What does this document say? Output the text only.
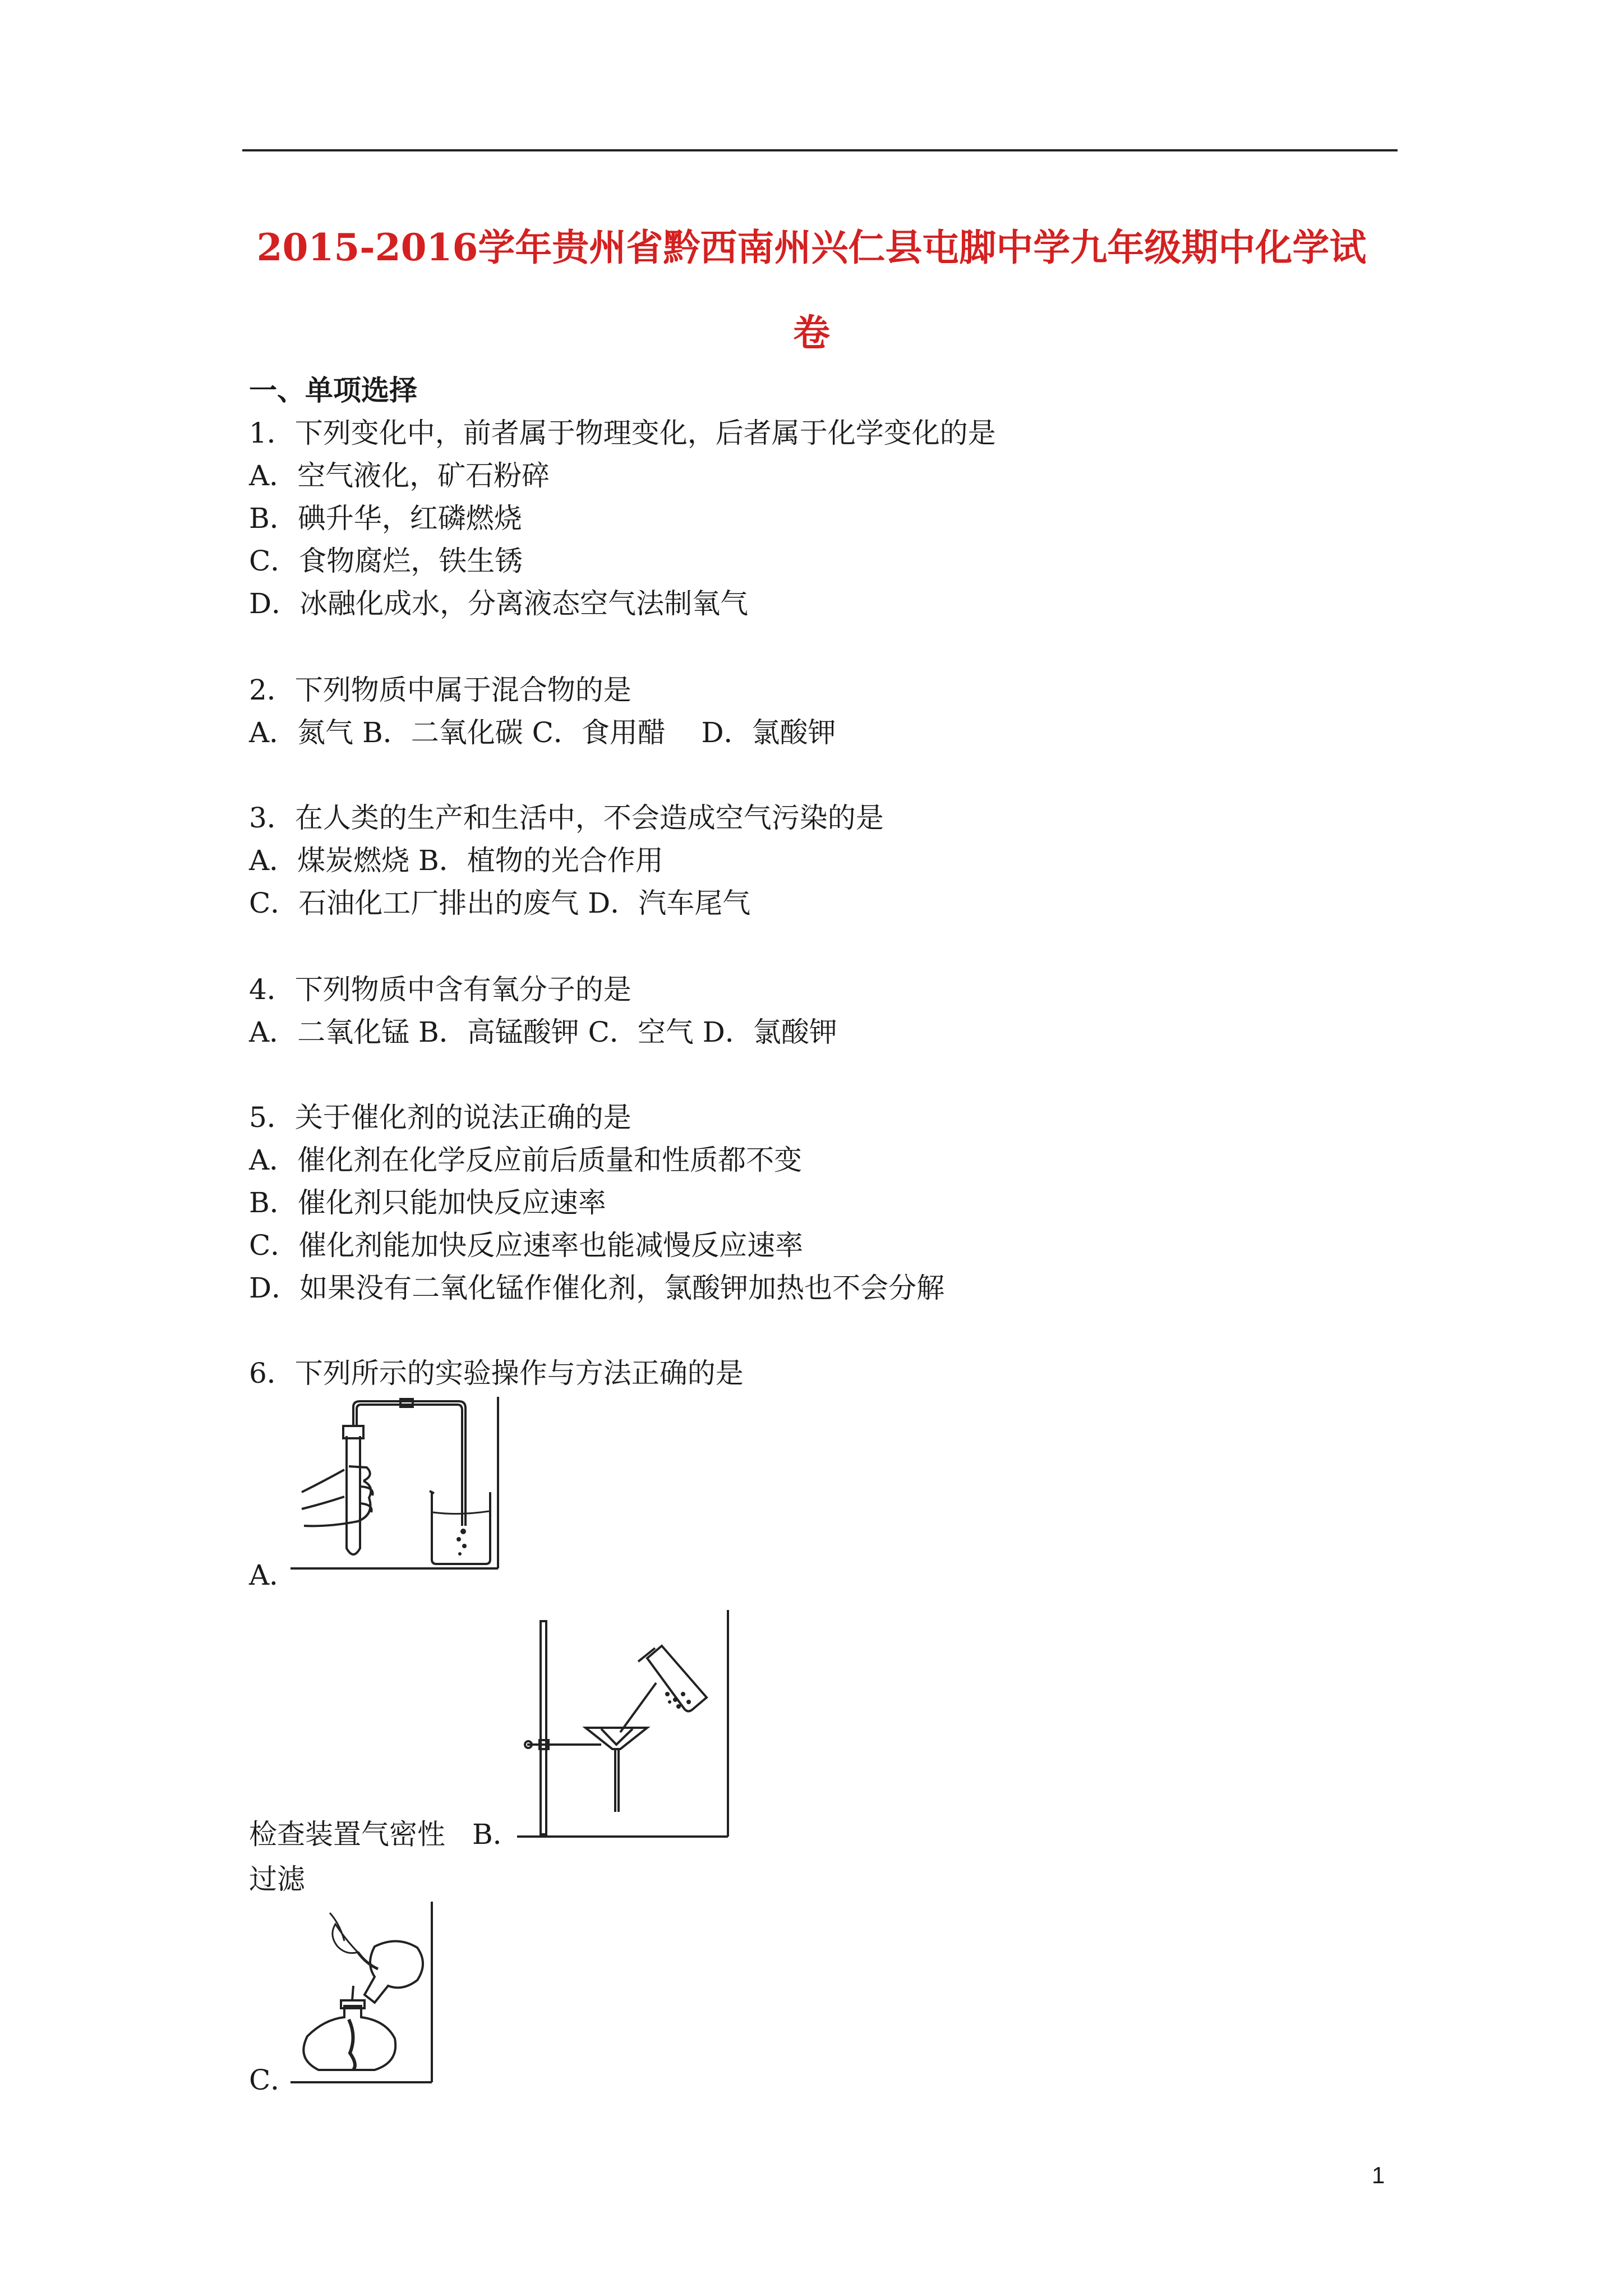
2015-2016学年贵州省黔西南州兴仁县屯脚中学九年级期中化学试
卷
一、单项选择
1．下列变化中，前者属于物理变化，后者属于化学变化的是
A．空气液化，矿石粉碎
B．碘升华，红磷燃烧
C．食物腐烂，铁生锈
D．冰融化成水，分离液态空气法制氧气
2．下列物质中属于混合物的是
A．氮气 B．二氧化碳 C．食用醋    D．氯酸钾
3．在人类的生产和生活中，不会造成空气污染的是
A．煤炭燃烧 B．植物的光合作用
C．石油化工厂排出的废气 D．汽车尾气
4．下列物质中含有氧分子的是
A．二氧化锰 B．高锰酸钾 C．空气 D．氯酸钾
5．关于催化剂的说法正确的是
A．催化剂在化学反应前后质量和性质都不变
B．催化剂只能加快反应速率
C．催化剂能加快反应速率也能减慢反应速率
D．如果没有二氧化锰作催化剂，氯酸钾加热也不会分解
6．下列所示的实验操作与方法正确的是
A．
检查装置气密性 B．
过滤
C．
1
